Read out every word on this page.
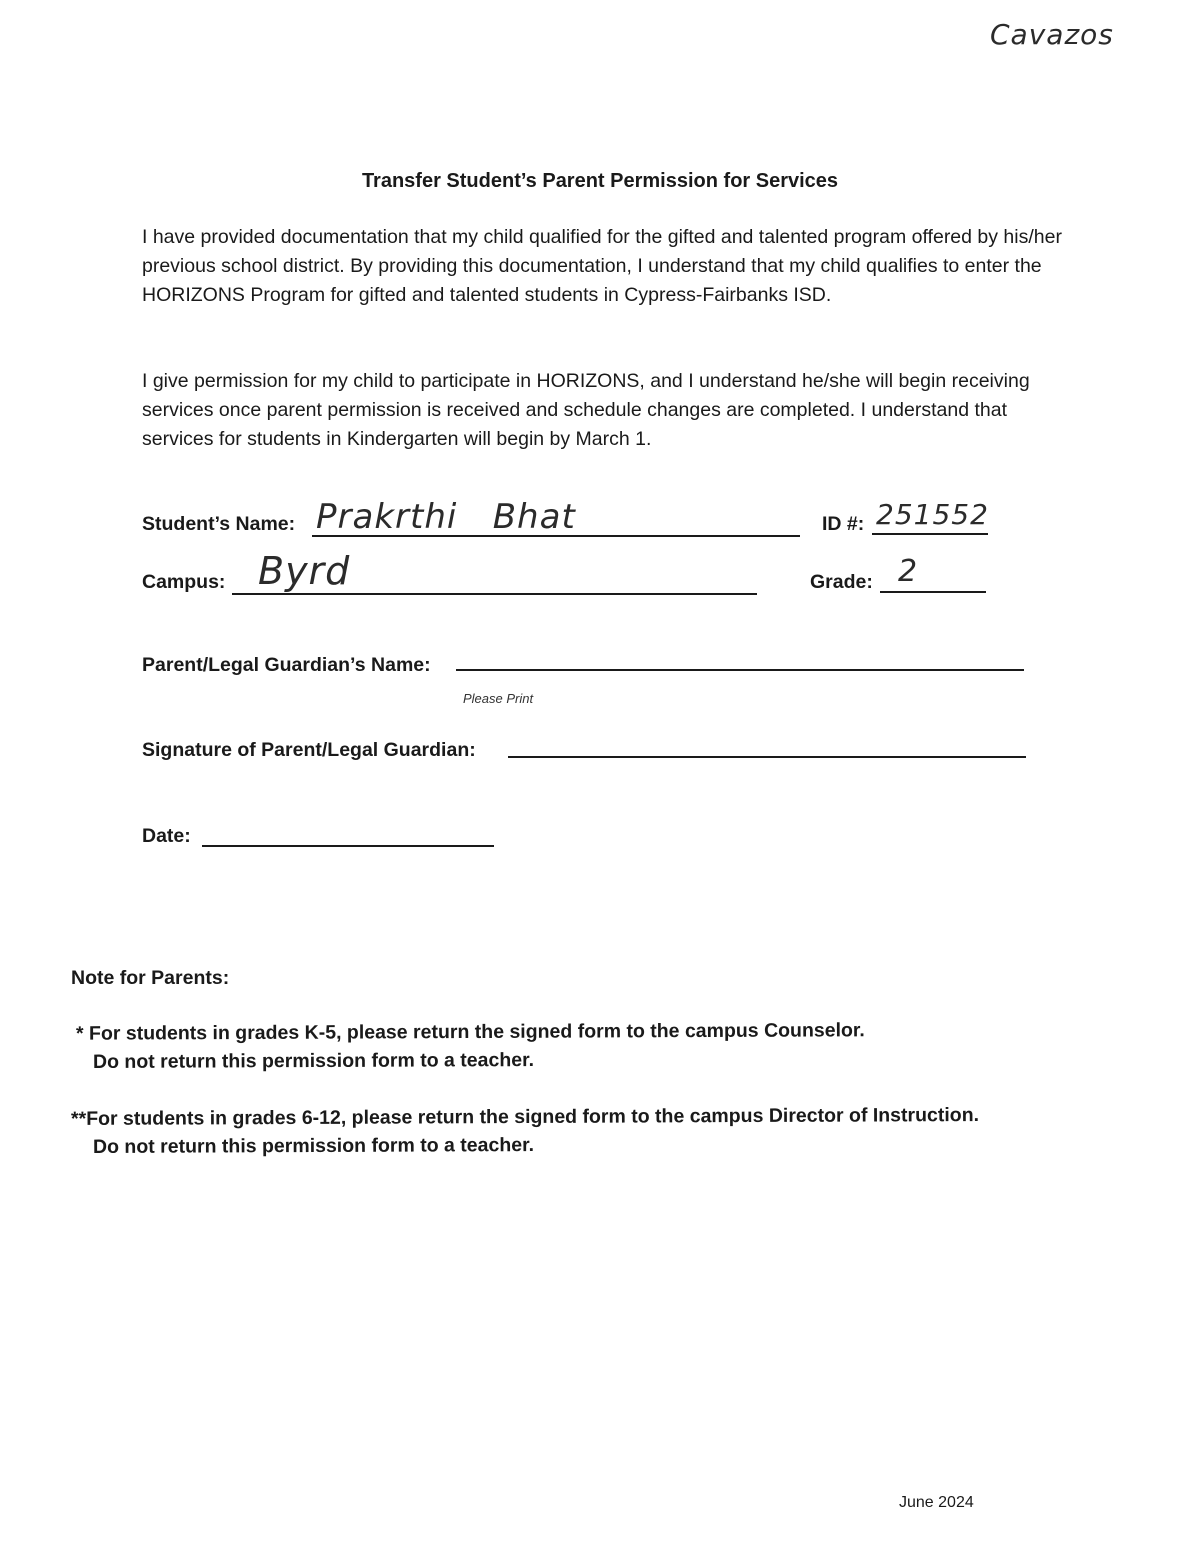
Cavazos
Transfer Student’s Parent Permission for Services
I have provided documentation that my child qualified for the gifted and talented program offered by his/her previous school district. By providing this documentation, I understand that my child qualifies to enter the HORIZONS Program for gifted and talented students in Cypress-Fairbanks ISD.
I give permission for my child to participate in HORIZONS, and I understand he/she will begin receiving services once parent permission is received and schedule changes are completed. I understand that services for students in Kindergarten will begin by March 1.
Student’s Name: Prakrthi   Bhat	ID #: 251552
Campus: Byrd	Grade: 2
Parent/Legal Guardian’s Name:
Please Print
Signature of Parent/Legal Guardian:
Date:
Note for Parents:
* For students in grades K-5, please return the signed form to the campus Counselor.
Do not return this permission form to a teacher.
**For students in grades 6-12, please return the signed form to the campus Director of Instruction.
Do not return this permission form to a teacher.
June 2024
